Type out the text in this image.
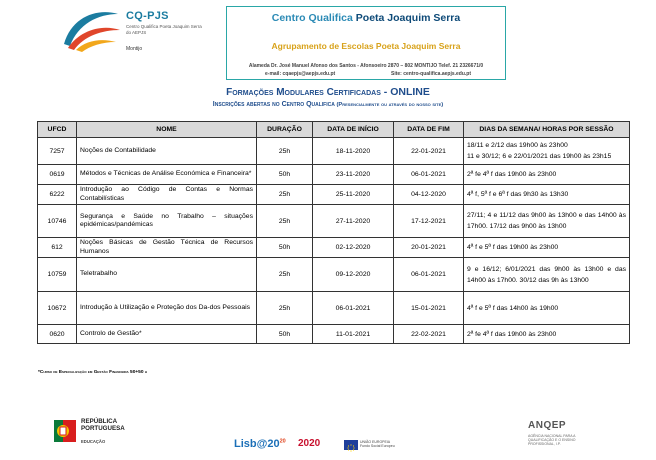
CQ-PJS
Centro Qualifica Poeta Joaquim Serra do AEPJS
Montijo
Centro Qualifica Poeta Joaquim Serra
Agrupamento de Escolas Poeta Joaquim Serra
Alameda Dr. José Manuel Afonso dos Santos - Afonsoeiro 2870 – 802 MONTIJO Telef. 21 2326671/0
e-mail: cqaepjs@aepjs.edu.pt	Site: centro-qualifica.aepjs.edu.pt
Formações Modulares Certificadas - ONLINE
Inscrições abertas no Centro Qualifica (Presencialmente ou através do nosso site)
UFCD	NOME	DURAÇÃO	DATA DE INÍCIO	DATA DE FIM	DIAS DA SEMANA/ HORAS POR SESSÃO
7257	Noções de Contabilidade	25h	18-11-2020	22-01-2021	18/11 e 2/12 das 19h00 às 23h00
11 e 30/12; 6 e 22/01/2021 das 19h00 às 23h15

0619	Métodos e Técnicas de Análise Económica e Financeira*	50h	23-11-2020	06-01-2021	2ª fe 4ª f das 19h00 às 23h00

6222	Introdução ao Código de Contas e Normas Contabilísticas	25h	25-11-2020	04-12-2020	4ª f, 5ª f e 6ª f das 9h30 às 13h30

10746	Segurança e Saúde no Trabalho – situações epidémicas/pandémicas	25h	27-11-2020	17-12-2021	27/11; 4 e 11/12 das 9h00 às 13h00 e das 14h00 às 17h00. 17/12 das 9h00 às 13h00

612	Noções Básicas de Gestão Técnica de Recursos Humanos	50h	02-12-2020	20-01-2021	4ª f e 5ª f das 19h00 às 23h00

10759	Teletrabalho	25h	09-12-2020	06-01-2021	9 e 16/12; 6/01/2021 das 9h00 às 13h00 e das 14h00 às 17h00. 30/12 das 9h às 13h00

10672	Introdução à Utilização e Proteção dos Da-dos Pessoais	25h	06-01-2021	15-01-2021	4ª f e 5ª f das 14h00 às 19h00

0620	Controlo de Gestão*	50h	11-01-2021	22-02-2021	2ª fe 4ª f das 19h00 às 23h00
*Curso de Especialização em Gestão Financeira 50+50 h
REPÚBLICA
PORTUGUESA
EDUCAÇÃO	$Lisb@20^{20}$ 2020	UNIÃO EUROPEIA Fundo Social Europeu
ANQEP
AGÊNCIA NACIONAL PARA A QUALIFICAÇÃO E O ENSINO PROFISSIONAL, I.P.
